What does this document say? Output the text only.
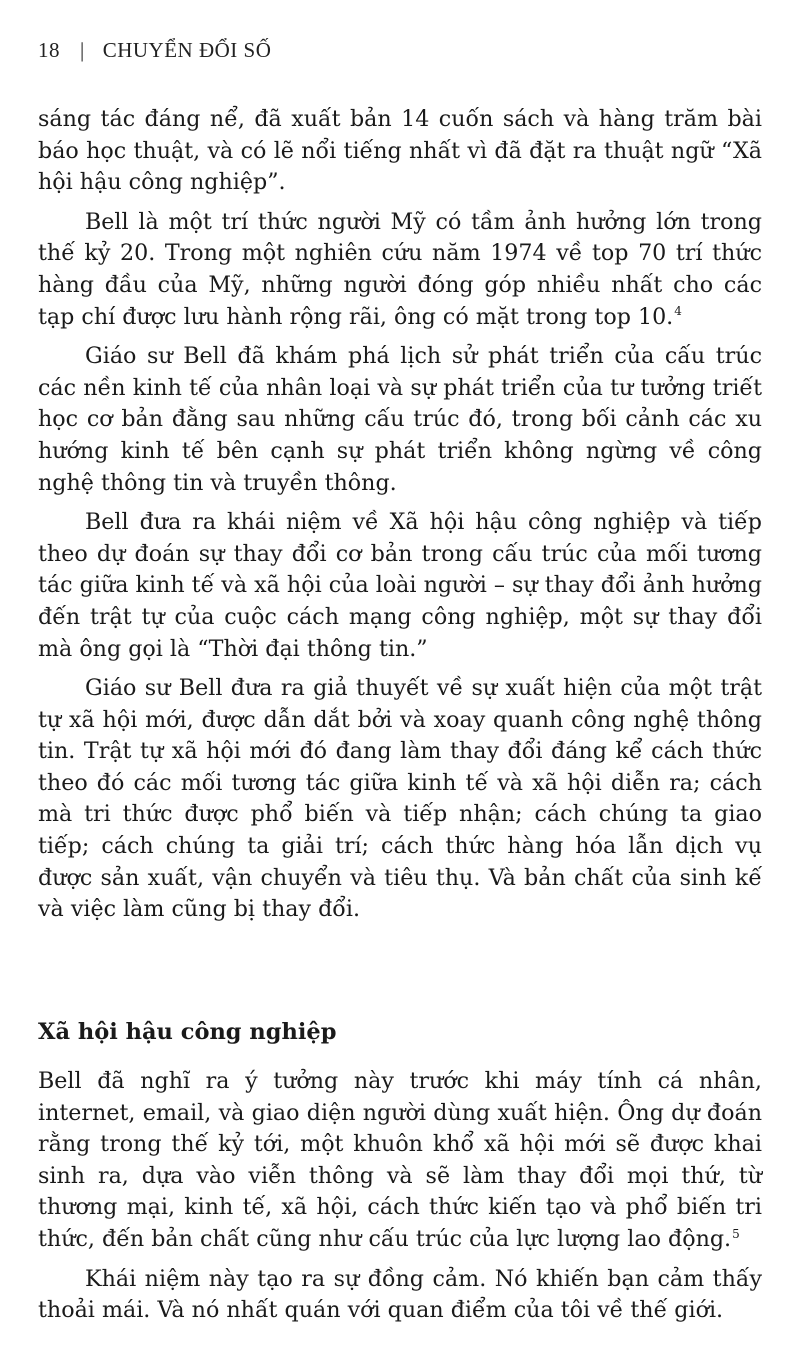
18 | CHUYỂN ĐỔI SỐ

sáng tác đáng nể, đã xuất bản 14 cuốn sách và hàng trăm bài báo học thuật, và có lẽ nổi tiếng nhất vì đã đặt ra thuật ngữ “Xã hội hậu công nghiệp”.

Bell là một trí thức người Mỹ có tầm ảnh hưởng lớn trong thế kỷ 20. Trong một nghiên cứu năm 1974 về top 70 trí thức hàng đầu của Mỹ, những người đóng góp nhiều nhất cho các tạp chí được lưu hành rộng rãi, ông có mặt trong top 10.$^4$

Giáo sư Bell đã khám phá lịch sử phát triển của cấu trúc các nền kinh tế của nhân loại và sự phát triển của tư tưởng triết học cơ bản đằng sau những cấu trúc đó, trong bối cảnh các xu hướng kinh tế bên cạnh sự phát triển không ngừng về công nghệ thông tin và truyền thông.

Bell đưa ra khái niệm về Xã hội hậu công nghiệp và tiếp theo dự đoán sự thay đổi cơ bản trong cấu trúc của mối tương tác giữa kinh tế và xã hội của loài người – sự thay đổi ảnh hưởng đến trật tự của cuộc cách mạng công nghiệp, một sự thay đổi mà ông gọi là “Thời đại thông tin.”

Giáo sư Bell đưa ra giả thuyết về sự xuất hiện của một trật tự xã hội mới, được dẫn dắt bởi và xoay quanh công nghệ thông tin. Trật tự xã hội mới đó đang làm thay đổi đáng kể cách thức theo đó các mối tương tác giữa kinh tế và xã hội diễn ra; cách mà tri thức được phổ biến và tiếp nhận; cách chúng ta giao tiếp; cách chúng ta giải trí; cách thức hàng hóa lẫn dịch vụ được sản xuất, vận chuyển và tiêu thụ. Và bản chất của sinh kế và việc làm cũng bị thay đổi.

Xã hội hậu công nghiệp

Bell đã nghĩ ra ý tưởng này trước khi máy tính cá nhân, internet, email, và giao diện người dùng xuất hiện. Ông dự đoán rằng trong thế kỷ tới, một khuôn khổ xã hội mới sẽ được khai sinh ra, dựa vào viễn thông và sẽ làm thay đổi mọi thứ, từ thương mại, kinh tế, xã hội, cách thức kiến tạo và phổ biến tri thức, đến bản chất cũng như cấu trúc của lực lượng lao động.$^5$

Khái niệm này tạo ra sự đồng cảm. Nó khiến bạn cảm thấy thoải mái. Và nó nhất quán với quan điểm của tôi về thế giới.
